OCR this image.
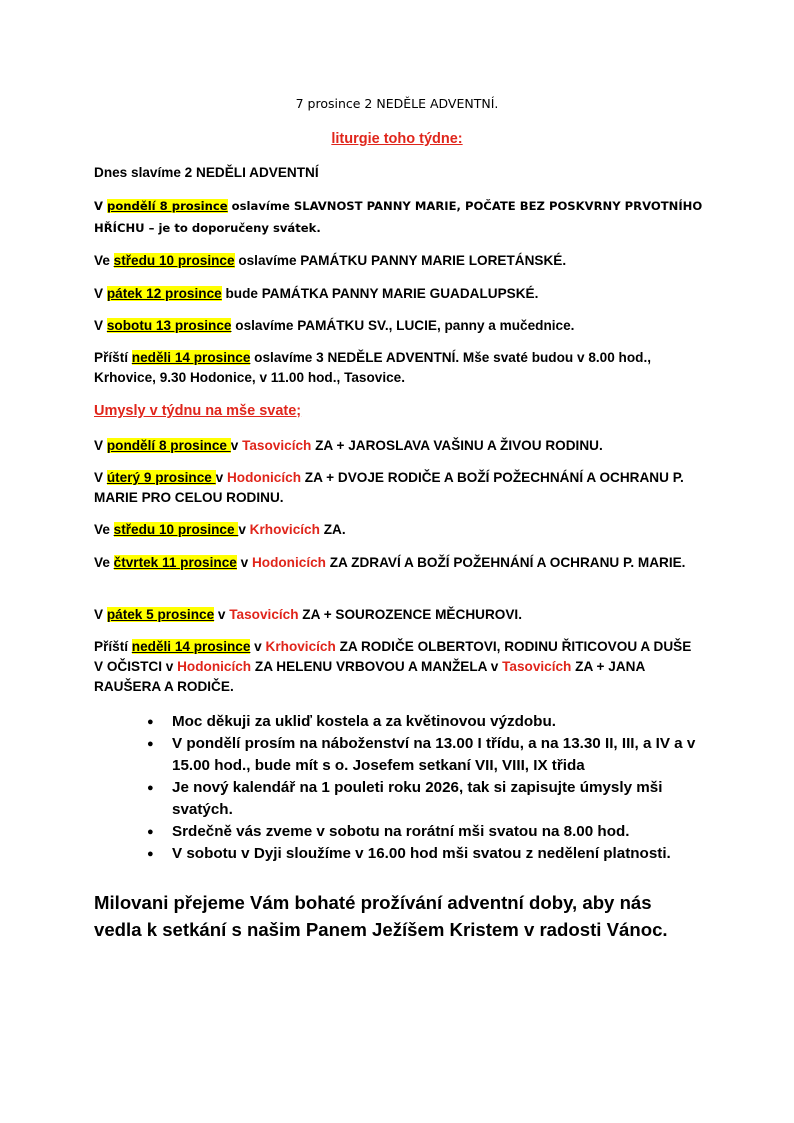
7 prosince 2 NEDĚLE ADVENTNÍ.
liturgie toho týdne:

Dnes slavíme 2 NEDĚLI ADVENTNÍ

V pondělí 8 prosince oslavíme SLAVNOST PANNY MARIE, POČATE BEZ POSKVRNY PRVOTNÍHO HŘÍCHU – je to doporučeny svátek.

Ve středu 10 prosince oslavíme PAMÁTKU PANNY MARIE LORETÁNSKÉ.

V pátek 12 prosince bude PAMÁTKA PANNY MARIE GUADALUPSKÉ.

V sobotu 13 prosince oslavíme PAMÁTKU SV., LUCIE, panny a mučednice.

Příští neděli 14 prosince oslavíme 3 NEDĚLE ADVENTNÍ. Mše svaté budou v 8.00 hod., Krhovice, 9.30 Hodonice, v 11.00 hod., Tasovice.

Umysly v týdnu na mše svate;

V pondělí 8 prosince v Tasovicích ZA + JAROSLAVA VAŠINU A ŽIVOU RODINU.

V úterý 9 prosince v Hodonicích ZA + DVOJE RODIČE A BOŽÍ POŽECHNÁNÍ A OCHRANU P. MARIE PRO CELOU RODINU.

Ve středu 10 prosince v Krhovicích ZA.

Ve čtvrtek 11 prosince v Hodonicích ZA ZDRAVÍ A BOŽÍ POŽEHNÁNÍ A OCHRANU P. MARIE.

V pátek 5 prosince v Tasovicích ZA + SOUROZENCE MĚCHUROVI.

Příští neděli 14 prosince v Krhovicích ZA RODIČE OLBERTOVI, RODINU ŘITICOVOU A DUŠE V OČISTCI v Hodonicích ZA HELENU VRBOVOU A MANŽELA v Tasovicích ZA + JANA RAUŠERA A RODIČE.

● Moc děkuji za ukliď kostela a za květinovou výzdobu.
● V pondělí prosím na náboženství na 13.00 I třídu, a na 13.30 II, III, a IV a v 15.00 hod., bude mít s o. Josefem setkaní VII, VIII, IX třida
● Je nový kalendář na 1 pouleti roku 2026, tak si zapisujte úmysly mši svatých.
● Srdečně vás zveme v sobotu na rorátní mši svatou na 8.00 hod.
● V sobotu v Dyji sloužíme v 16.00 hod mši svatou z nedělení platnosti.

Milovani přejeme Vám bohaté prožívání adventní doby, aby nás vedla k setkání s našim Panem Ježíšem Kristem v radosti Vánoc.
